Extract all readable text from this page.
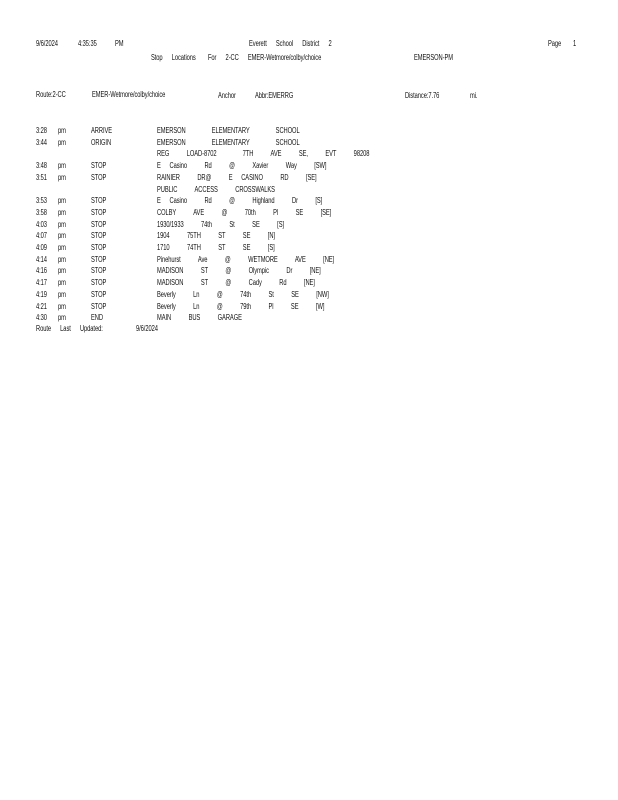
9/6/2024	4:35:35 PM	Everett      School      District      2	Page 1
Stop      Locations        For      2-CC      EMER-Wetmore/colby/choice	EMERSON-PM
Route:2-CC	EMER-Wetmore/colby/choice	Anchor Abbr:EMERRG	Distance:7.76	mi.
3:28 pm	ARRIVE	EMERSON   ELEMENTARY   SCHOOL
3:44 pm	ORIGIN	EMERSON   ELEMENTARY   SCHOOL
REG  LOAD-8702   7TH  AVE  SE,  EVT  98208
3:48 pm	STOP	E Casino  Rd  @  Xavier  Way  [SW]
3:51 pm	STOP	RAINIER  DR@  E CASINO  RD  [SE]
PUBLIC  ACCESS  CROSSWALKS
3:53 pm	STOP	E Casino  Rd  @  Highland  Dr  [S]
3:58 pm	STOP	COLBY  AVE  @  70th  Pl  SE  [SE]
4:03 pm	STOP	1930/1933  74th  St  SE  [S]
4:07 pm	STOP	1904  75TH  ST  SE  [N]
4:09 pm	STOP	1710  74TH  ST  SE  [S]
4:14 pm	STOP	Pinehurst  Ave  @  WETMORE  AVE  [NE]
4:16 pm	STOP	MADISON  ST  @  Olympic  Dr  [NE]
4:17 pm	STOP	MADISON  ST  @  Cady  Rd  [NE]
4:19 pm	STOP	Beverly  Ln  @  74th  St  SE  [NW]
4:21 pm	STOP	Beverly  Ln  @  79th  Pl  SE  [W]
4:30 pm	END	MAIN  BUS  GARAGE
Route      Last      Updated:	9/6/2024
